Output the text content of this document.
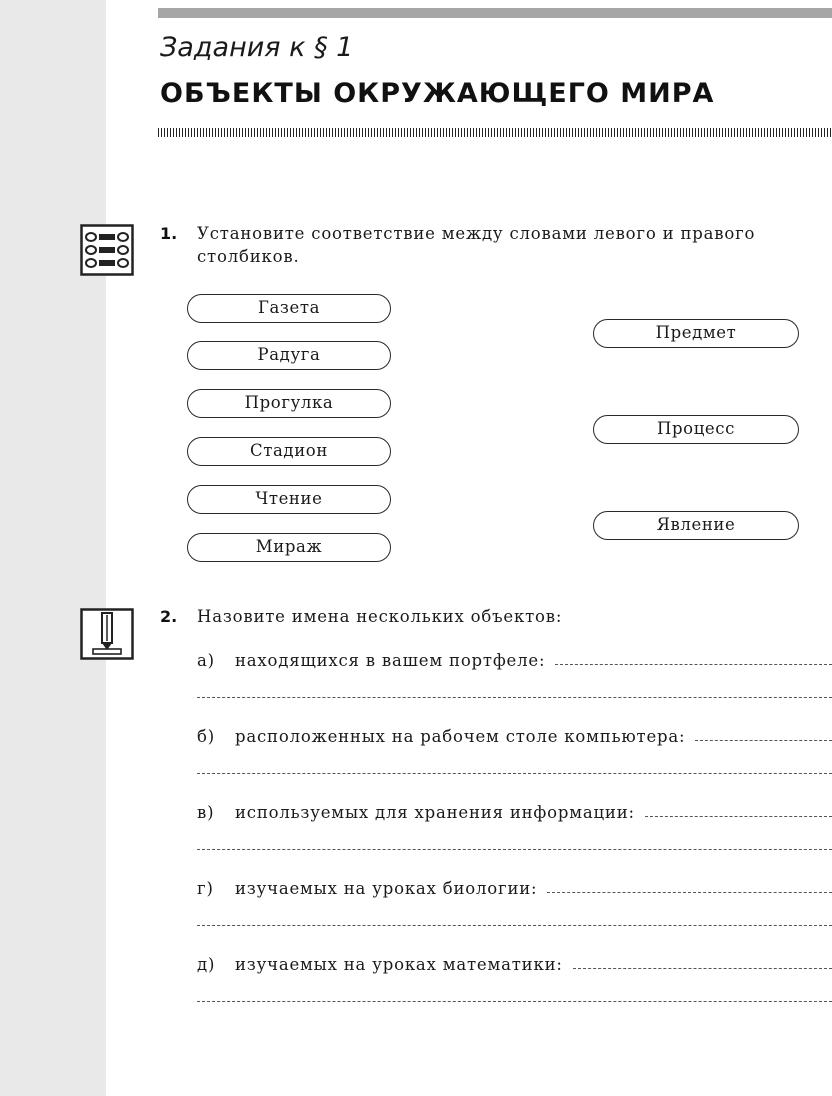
Задания к § 1
ОБЪЕКТЫ ОКРУЖАЮЩЕГО МИРА
1. Установите соответствие между словами левого и правого столбиков.

Газета
Радуга
Прогулка
Стадион
Чтение
Мираж
Предмет
Процесс
Явление
2. Назовите имена нескольких объектов:

а)	находящихся в вашем портфеле:
б)	расположенных на рабочем столе компьютера:
в)	используемых для хранения информации:
г)	изучаемых на уроках биологии:
д)	изучаемых на уроках математики:
